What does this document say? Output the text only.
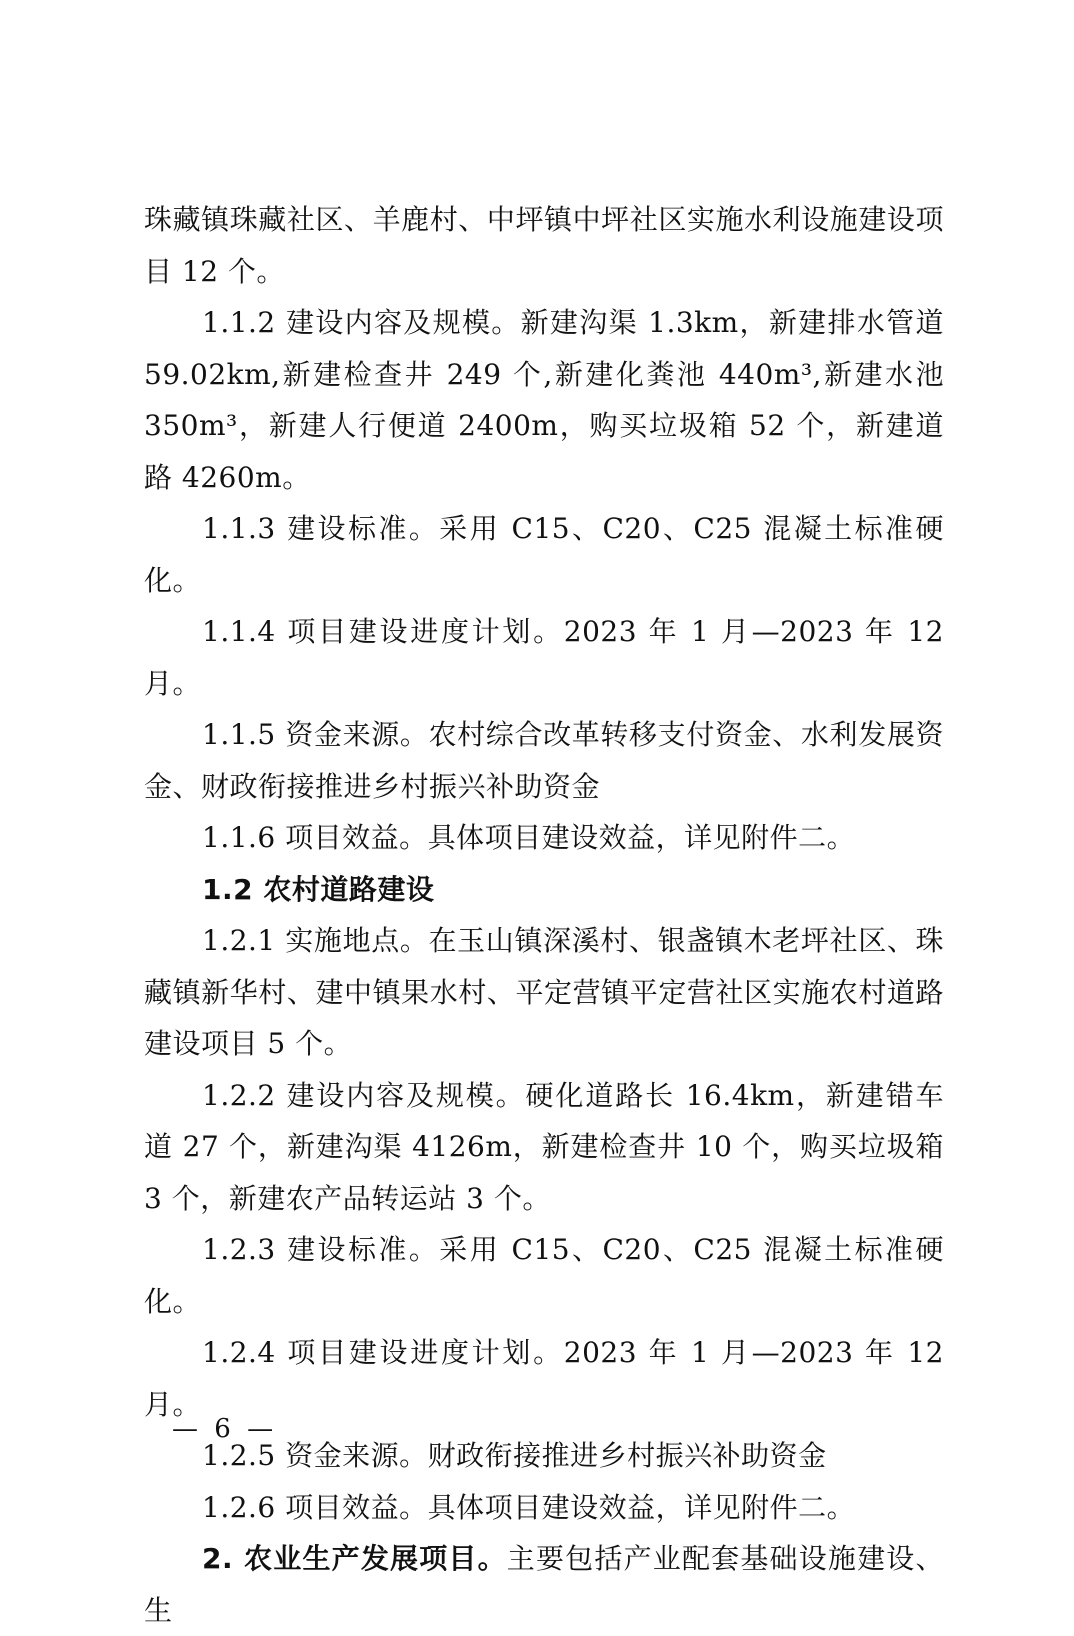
珠藏镇珠藏社区、羊鹿村、中坪镇中坪社区实施水利设施建设项目 12 个。

1.1.2 建设内容及规模。新建沟渠 1.3km，新建排水管道 59.02km,新建检查井 249 个,新建化粪池 440m³,新建水池　350m³，新建人行便道 2400m，购买垃圾箱 52 个，新建道路 4260m。

1.1.3 建设标准。采用 C15、C20、C25 混凝土标准硬化。

1.1.4 项目建设进度计划。2023 年 1 月—2023 年 12 月。

1.1.5 资金来源。农村综合改革转移支付资金、水利发展资金、财政衔接推进乡村振兴补助资金

1.1.6 项目效益。具体项目建设效益，详见附件二。

1.2 农村道路建设

1.2.1 实施地点。在玉山镇深溪村、银盏镇木老坪社区、珠藏镇新华村、建中镇果水村、平定营镇平定营社区实施农村道路建设项目 5 个。

1.2.2 建设内容及规模。硬化道路长 16.4km，新建错车道 27 个，新建沟渠 4126m，新建检查井 10 个，购买垃圾箱 3 个，新建农产品转运站 3 个。

1.2.3 建设标准。采用 C15、C20、C25 混凝土标准硬化。

1.2.4 项目建设进度计划。2023 年 1 月—2023 年 12 月。

1.2.5 资金来源。财政衔接推进乡村振兴补助资金

1.2.6 项目效益。具体项目建设效益，详见附件二。

2. 农业生产发展项目。主要包括产业配套基础设施建设、生

— 6 —
